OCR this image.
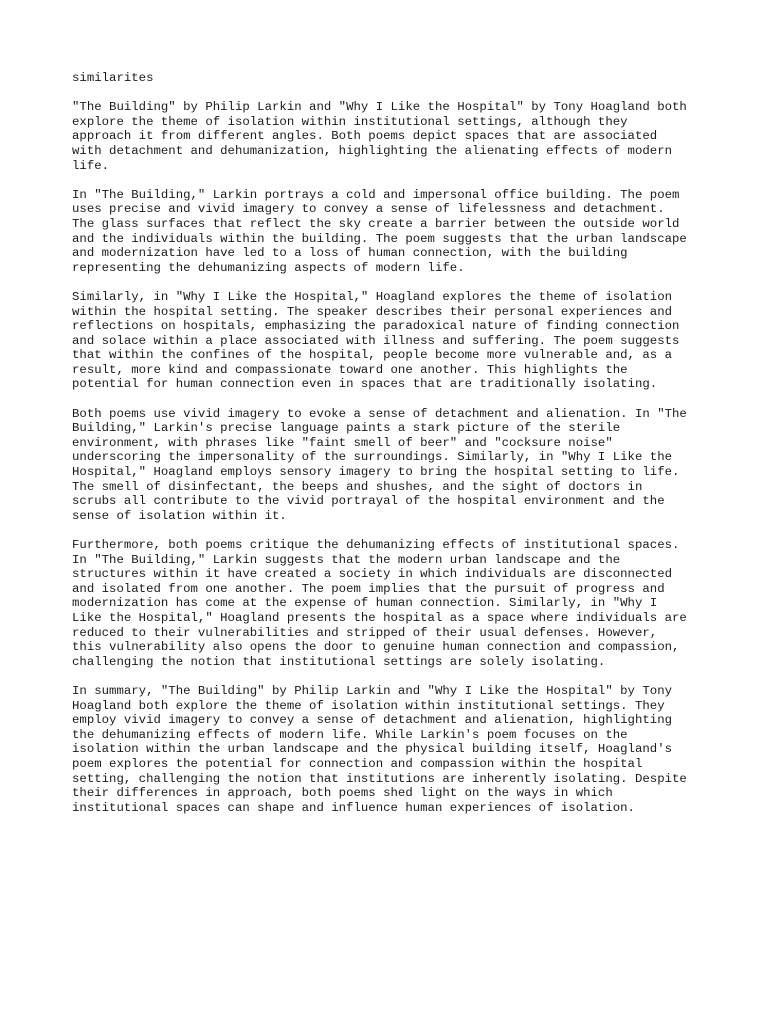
similarites
"The Building" by Philip Larkin and "Why I Like the Hospital" by Tony Hoagland both
explore the theme of isolation within institutional settings, although they
approach it from different angles. Both poems depict spaces that are associated
with detachment and dehumanization, highlighting the alienating effects of modern
life.
In "The Building," Larkin portrays a cold and impersonal office building. The poem
uses precise and vivid imagery to convey a sense of lifelessness and detachment.
The glass surfaces that reflect the sky create a barrier between the outside world
and the individuals within the building. The poem suggests that the urban landscape
and modernization have led to a loss of human connection, with the building
representing the dehumanizing aspects of modern life.
Similarly, in "Why I Like the Hospital," Hoagland explores the theme of isolation
within the hospital setting. The speaker describes their personal experiences and
reflections on hospitals, emphasizing the paradoxical nature of finding connection
and solace within a place associated with illness and suffering. The poem suggests
that within the confines of the hospital, people become more vulnerable and, as a
result, more kind and compassionate toward one another. This highlights the
potential for human connection even in spaces that are traditionally isolating.
Both poems use vivid imagery to evoke a sense of detachment and alienation. In "The
Building," Larkin's precise language paints a stark picture of the sterile
environment, with phrases like "faint smell of beer" and "cocksure noise"
underscoring the impersonality of the surroundings. Similarly, in "Why I Like the
Hospital," Hoagland employs sensory imagery to bring the hospital setting to life.
The smell of disinfectant, the beeps and shushes, and the sight of doctors in
scrubs all contribute to the vivid portrayal of the hospital environment and the
sense of isolation within it.
Furthermore, both poems critique the dehumanizing effects of institutional spaces.
In "The Building," Larkin suggests that the modern urban landscape and the
structures within it have created a society in which individuals are disconnected
and isolated from one another. The poem implies that the pursuit of progress and
modernization has come at the expense of human connection. Similarly, in "Why I
Like the Hospital," Hoagland presents the hospital as a space where individuals are
reduced to their vulnerabilities and stripped of their usual defenses. However,
this vulnerability also opens the door to genuine human connection and compassion,
challenging the notion that institutional settings are solely isolating.
In summary, "The Building" by Philip Larkin and "Why I Like the Hospital" by Tony
Hoagland both explore the theme of isolation within institutional settings. They
employ vivid imagery to convey a sense of detachment and alienation, highlighting
the dehumanizing effects of modern life. While Larkin's poem focuses on the
isolation within the urban landscape and the physical building itself, Hoagland's
poem explores the potential for connection and compassion within the hospital
setting, challenging the notion that institutions are inherently isolating. Despite
their differences in approach, both poems shed light on the ways in which
institutional spaces can shape and influence human experiences of isolation.
